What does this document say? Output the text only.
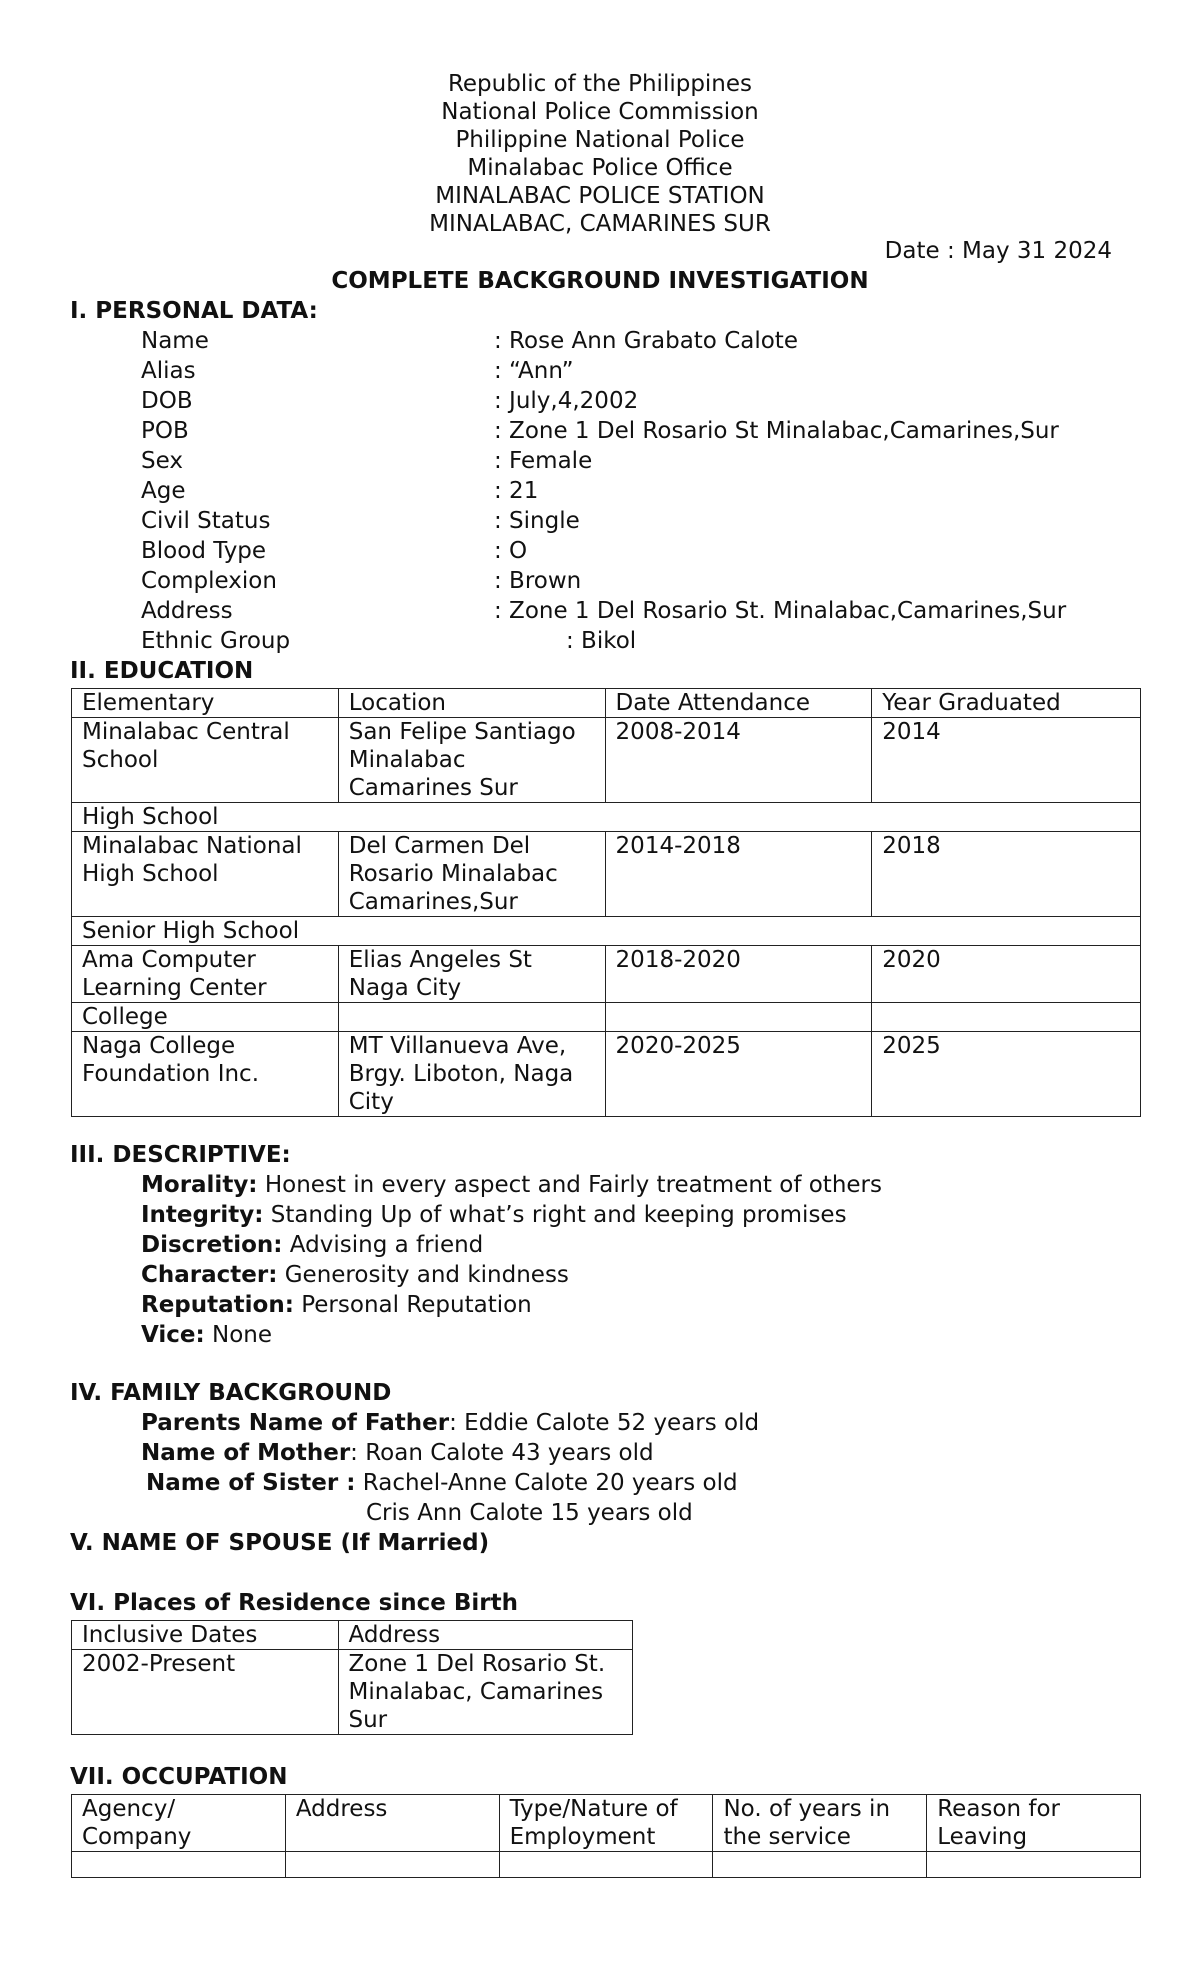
Republic of the Philippines
National Police Commission
Philippine National Police
Minalabac Police Office
MINALABAC POLICE STATION
MINALABAC, CAMARINES SUR
Date : May 31 2024
COMPLETE BACKGROUND INVESTIGATION
I. PERSONAL DATA:
Name	: Rose Ann Grabato Calote
Alias	: “Ann”
DOB	: July,4,2002
POB	: Zone 1 Del Rosario St Minalabac,Camarines,Sur
Sex	: Female
Age	: 21
Civil Status	: Single
Blood Type	: O
Complexion	: Brown
Address	: Zone 1 Del Rosario St. Minalabac,Camarines,Sur
Ethnic Group	: Bikol
II. EDUCATION
Elementary	Location	Date Attendance	Year Graduated
Minalabac Central School	San Felipe Santiago Minalabac Camarines Sur	2008-2014	2014
High School			
Minalabac National High School	Del Carmen Del Rosario Minalabac Camarines,Sur	2014-2018	2018
Senior High School			
Ama Computer Learning Center	Elias Angeles St Naga City	2018-2020	2020
College			
Naga College Foundation Inc.	MT Villanueva Ave, Brgy. Liboton, Naga City	2020-2025	2025
III. DESCRIPTIVE:
Morality: Honest in every aspect and Fairly treatment of others
Integrity: Standing Up of what’s right and keeping promises
Discretion: Advising a friend
Character: Generosity and kindness
Reputation: Personal Reputation
Vice: None
IV. FAMILY BACKGROUND
Parents Name of Father: Eddie Calote 52 years old
Name of Mother: Roan Calote 43 years old
Name of Sister : Rachel-Anne Calote 20 years old
Cris Ann Calote 15 years old
V. NAME OF SPOUSE (If Married)
VI. Places of Residence since Birth
Inclusive Dates	Address
2002-Present	Zone 1 Del Rosario St. Minalabac, Camarines Sur
VII. OCCUPATION
Agency/ Company	Address	Type/Nature of Employment	No. of years in the service	Reason for Leaving
